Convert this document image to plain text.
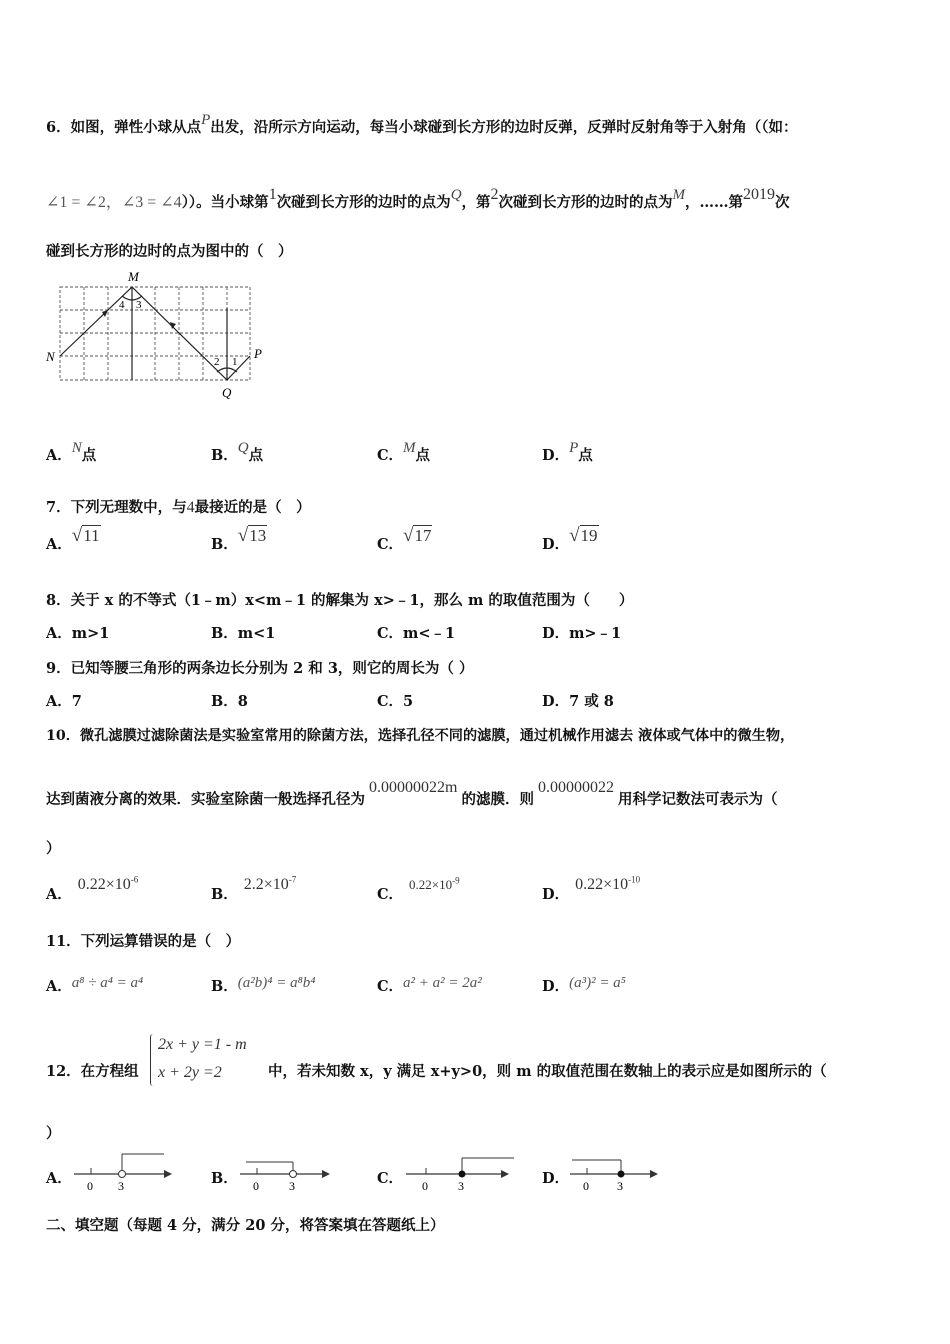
6．如图，弹性小球从点P出发，沿所示方向运动，每当小球碰到长方形的边时反弹，反弹时反射角等于入射角（（如：
∠1 = ∠2，∠3 = ∠4））。当小球第1次碰到长方形的边时的点为Q，第2次碰到长方形的边时的点为M，……第2019次
碰到长方形的边时的点为图中的（　）
M
N	P
Q
4 3
2 1
A．N点	B．Q点	C．M点	D．P点
7．下列无理数中，与4最接近的是（　）
A．√11	B．√13	C．√17	D．√19
8．关于 x 的不等式（1﹣m）x<m﹣1 的解集为 x>﹣1，那么 m 的取值范围为（　　）
A．m>1	B．m<1	C．m<﹣1	D．m>﹣1
9．已知等腰三角形的两条边长分别为 2 和 3，则它的周长为（ ）
A．7	B．8	C．5	D．7 或 8
10．微孔滤膜过滤除菌法是实验室常用的除菌方法，选择孔径不同的滤膜，通过机械作用滤去 液体或气体中的微生物，
达到菌液分离的效果．实验室除菌一般选择孔径为0.00000022m的滤膜．则0.00000022用科学记数法可表示为（
）
A．$0.22\times 10^{-6}$
B．$2.2\times 10^{-7}$
C．$0.22\times 10^{-9}$
D．$0.22\times 10^{-10}$
11．下列运算错误的是（　）
A．a⁸ ÷ a⁴ = a⁴	B．(a²b)⁴ = a⁸b⁴	C．a² + a² = 2a²	D．(a³)² = a⁵
12．在方程组
2x + y =1 - m
x + 2y =2	中，若未知数 x，y 满足 x+y>0，则 m 的取值范围在数轴上的表示应是如图所示的（
）
A． 0 3	B． 0	3	C． 0	3	D． 0 3
二、填空题（每题 4 分，满分 20 分，将答案填在答题纸上）
